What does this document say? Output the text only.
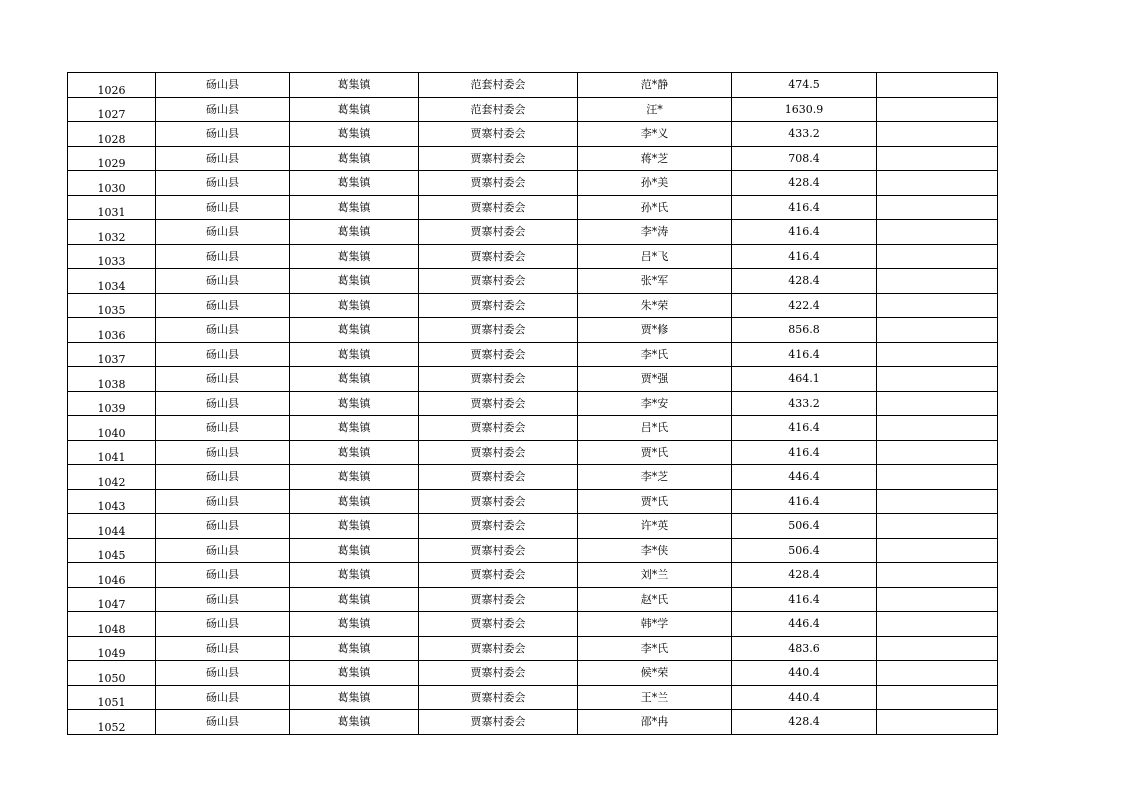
1026	砀山县	葛集镇	范套村委会	范*静	474.5	
1027	砀山县	葛集镇	范套村委会	汪*	1630.9	
1028	砀山县	葛集镇	贾寨村委会	李*义	433.2	
1029	砀山县	葛集镇	贾寨村委会	蒋*芝	708.4	
1030	砀山县	葛集镇	贾寨村委会	孙*美	428.4	
1031	砀山县	葛集镇	贾寨村委会	孙*氏	416.4	
1032	砀山县	葛集镇	贾寨村委会	李*涛	416.4	
1033	砀山县	葛集镇	贾寨村委会	吕*飞	416.4	
1034	砀山县	葛集镇	贾寨村委会	张*军	428.4	
1035	砀山县	葛集镇	贾寨村委会	朱*荣	422.4	
1036	砀山县	葛集镇	贾寨村委会	贾*修	856.8	
1037	砀山县	葛集镇	贾寨村委会	李*氏	416.4	
1038	砀山县	葛集镇	贾寨村委会	贾*强	464.1	
1039	砀山县	葛集镇	贾寨村委会	李*安	433.2	
1040	砀山县	葛集镇	贾寨村委会	吕*氏	416.4	
1041	砀山县	葛集镇	贾寨村委会	贾*氏	416.4	
1042	砀山县	葛集镇	贾寨村委会	李*芝	446.4	
1043	砀山县	葛集镇	贾寨村委会	贾*氏	416.4	
1044	砀山县	葛集镇	贾寨村委会	许*英	506.4	
1045	砀山县	葛集镇	贾寨村委会	李*侠	506.4	
1046	砀山县	葛集镇	贾寨村委会	刘*兰	428.4	
1047	砀山县	葛集镇	贾寨村委会	赵*氏	416.4	
1048	砀山县	葛集镇	贾寨村委会	韩*学	446.4	
1049	砀山县	葛集镇	贾寨村委会	李*氏	483.6	
1050	砀山县	葛集镇	贾寨村委会	候*荣	440.4	
1051	砀山县	葛集镇	贾寨村委会	王*兰	440.4	
1052	砀山县	葛集镇	贾寨村委会	邵*冉	428.4	
